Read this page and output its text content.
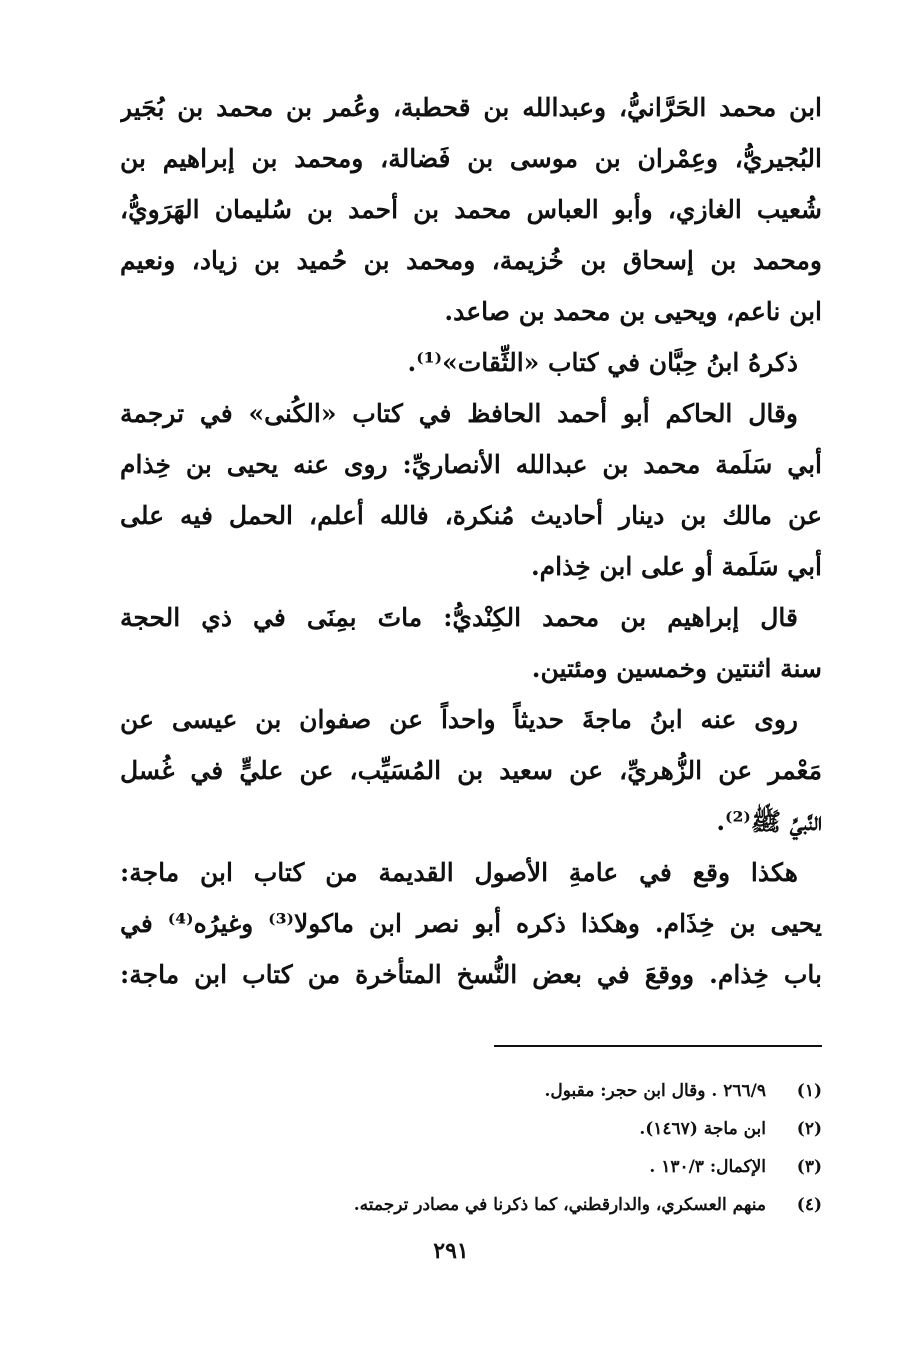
ابن محمد الحَرَّانيُّ، وعبدالله بن قحطبة، وعُمر بن محمد بن بُجَير
البُجيريُّ، وعِمْران بن موسى بن فَضالة، ومحمد بن إبراهيم بن
شُعيب الغازي، وأبو العباس محمد بن أحمد بن سُليمان الهَرَويُّ،
ومحمد بن إسحاق بن خُزيمة، ومحمد بن حُميد بن زياد، ونعيم
ابن ناعم، ويحيى بن محمد بن صاعد.
ذكرهُ ابنُ حِبَّان في كتاب «الثِّقات»⁽¹⁾.
وقال الحاكم أبو أحمد الحافظ في كتاب «الكُنى» في ترجمة
أبي سَلَمة محمد بن عبدالله الأنصاريِّ: روى عنه يحيى بن خِذام
عن مالك بن دينار أحاديث مُنكرة، فالله أعلم، الحمل فيه على
أبي سَلَمة أو على ابن خِذام.
قال إبراهيم بن محمد الكِنْديُّ: ماتَ بمِنَى في ذي الحجة
سنة اثنتين وخمسين ومئتين.
روى عنه ابنُ ماجةَ حديثاً واحداً عن صفوان بن عيسى عن
مَعْمر عن الزُّهريِّ، عن سعيد بن المُسَيِّب، عن عليٍّ في غُسل
النَّبيِّ ﷺ⁽²⁾.
هكذا وقع في عامةِ الأصول القديمة من كتاب ابن ماجة:
يحيى بن خِذَام. وهكذا ذكره أبو نصر ابن ماكولا⁽³⁾ وغيرُه⁽⁴⁾ في
باب خِذام. ووقعَ في بعض النُّسخ المتأخرة من كتاب ابن ماجة:
(١)
٢٦٦/٩ . وقال ابن حجر: مقبول.
(٢)
ابن ماجة (١٤٦٧).
(٣)
الإكمال: ١٣٠/٣ .
(٤)
منهم العسكري، والدارقطني، كما ذكرنا في مصادر ترجمته.
٢٩١
